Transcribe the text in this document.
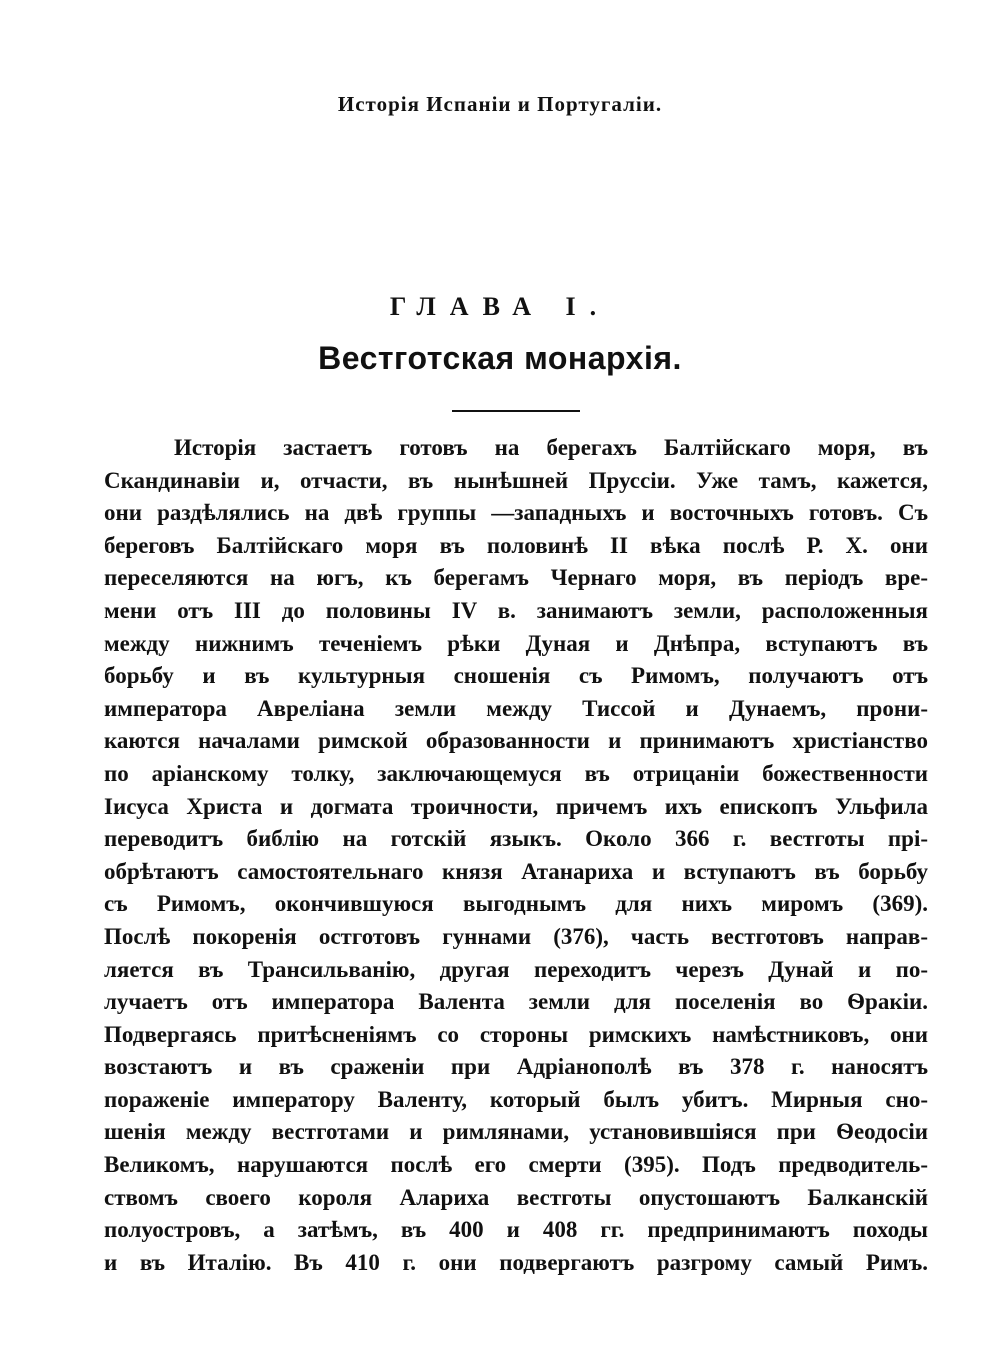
Исторія Испаніи и Португаліи.
ГЛАВА I.
Вестготская монархія.
Исторія застаетъ готовъ на берегахъ Балтійскаго моря, въ
Скандинавіи и, отчасти, въ нынѣшней Пруссіи. Уже тамъ, кажется,
они раздѣлялись на двѣ группы —западныхъ и восточныхъ готовъ. Съ
береговъ Балтійскаго моря въ половинѣ II вѣка послѣ Р. Х. они
переселяются на югъ, къ берегамъ Чернаго моря, въ періодъ вре-
мени отъ III до половины IV в. занимаютъ земли, расположенныя
между нижнимъ теченіемъ рѣки Дуная и Днѣпра, вступаютъ въ
борьбу и въ культурныя сношенія съ Римомъ, получаютъ отъ
императора Авреліана земли между Тиссой и Дунаемъ, прони-
каются началами римской образованности и принимаютъ христіанство
по аріанскому толку, заключающемуся въ отрицаніи божественности
Іисуса Христа и догмата троичности, причемъ ихъ епископъ Ульфила
переводитъ библію на готскій языкъ. Около 366 г. вестготы прі-
обрѣтаютъ самостоятельнаго князя Атанариха и вступаютъ въ борьбу
съ Римомъ, окончившуюся выгоднымъ для нихъ миромъ (369).
Послѣ покоренія остготовъ гуннами (376), часть вестготовъ направ-
ляется въ Трансильванію, другая переходитъ черезъ Дунай и по-
лучаетъ отъ императора Валента земли для поселенія во Ѳракіи.
Подвергаясь притѣсненіямъ со стороны римскихъ намѣстниковъ, они
возстаютъ и въ сраженіи при Адріанополѣ въ 378 г. наносятъ
пораженіе императору Валенту, который былъ убитъ. Мирныя сно-
шенія между вестготами и римлянами, установившіяся при Ѳеодосіи
Великомъ, нарушаются послѣ его смерти (395). Подъ предводитель-
ствомъ своего короля Алариха вестготы опустошаютъ Балканскій
полуостровъ, а затѣмъ, въ 400 и 408 гг. предпринимаютъ походы
и въ Италію. Въ 410 г. они подвергаютъ разгрому самый Римъ.
